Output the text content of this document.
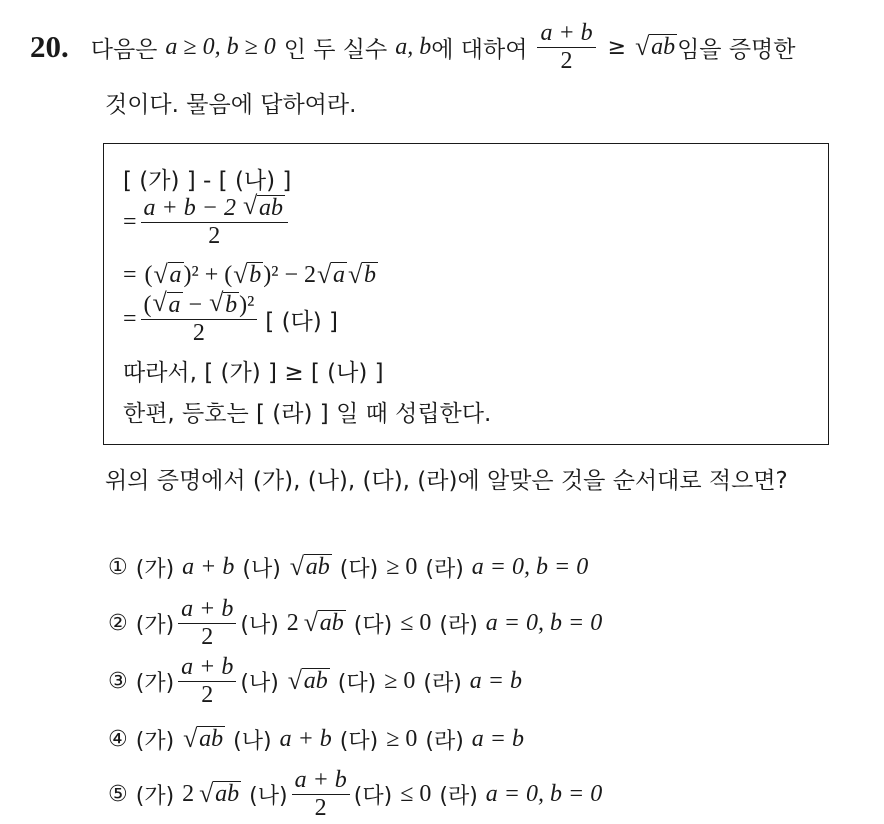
20. 다음은 a ≥ 0, b ≥ 0 인 두 실수 a, b 에 대하여 $\frac{a + b}{2}$ ≥ √ ab 임을 증명한
것이다. 물음에 답하여라.
[ (가) ] - [ (나) ]
= $\frac{a + b - 2 √ ab}{2}$
= ( √ a )² + ( √ b )² − 2 √ a √ b
= $\frac{\text{( √ a − √ b)²}}{2}$ [ (다) ]
따라서, [ (가) ] ≥ [ (나) ]
한편, 등호는 [ (라) ] 일 때 성립한다.
위의 증명에서 (가), (나), (다), (라)에 알맞은 것을 순서대로 적으면?
① (가) a + b (나) √ ab (다) ≥ 0 (라) a = 0, b = 0
② (가) $\frac{a + b}{2}$ (나) 2 √ ab (다) ≤ 0 (라) a = 0, b = 0
③ (가) $\frac{a + b}{2}$ (나) √ ab (다) ≥ 0 (라) a = b
④ (가) √ ab (나) a + b (다) ≥ 0 (라) a = b
⑤ (가) 2 √ ab (나) $\frac{a + b}{2}$ (다) ≤ 0 (라) a = 0, b = 0
